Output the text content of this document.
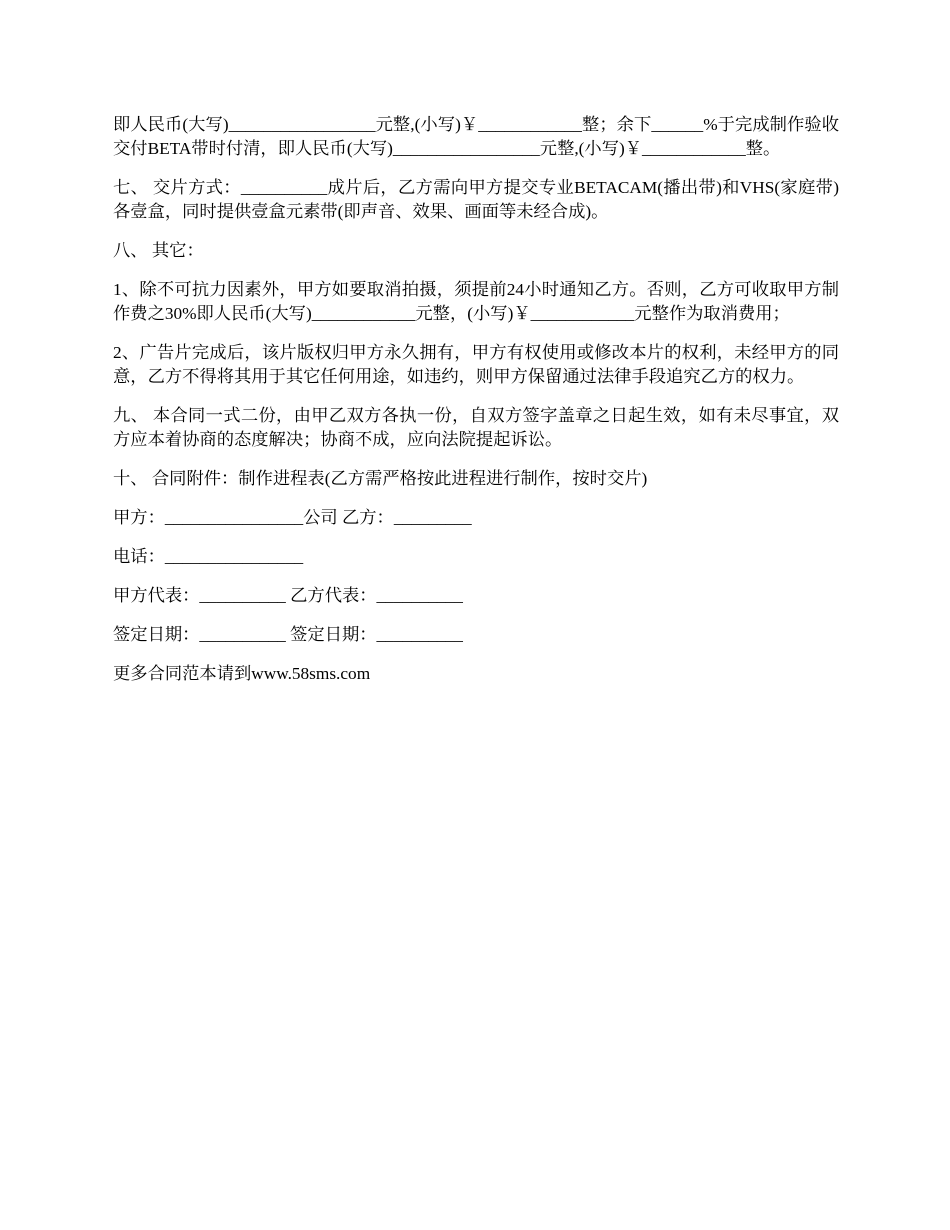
即人民币(大写)_________________元整,(小写)￥____________整；余下______%于完成制作验收交付BETA带时付清，即人民币(大写)_________________元整,(小写)￥____________整。

七、 交片方式：__________成片后，乙方需向甲方提交专业BETACAM(播出带)和VHS(家庭带)各壹盒，同时提供壹盒元素带(即声音、效果、画面等未经合成)。

八、 其它：

1、除不可抗力因素外，甲方如要取消拍摄，须提前24小时通知乙方。否则，乙方可收取甲方制作费之30%即人民币(大写)____________元整，(小写)￥____________元整作为取消费用；

2、广告片完成后，该片版权归甲方永久拥有，甲方有权使用或修改本片的权利，未经甲方的同意，乙方不得将其用于其它任何用途，如违约，则甲方保留通过法律手段追究乙方的权力。

九、 本合同一式二份，由甲乙双方各执一份，自双方签字盖章之日起生效，如有未尽事宜，双方应本着协商的态度解决；协商不成，应向法院提起诉讼。

十、 合同附件：制作进程表(乙方需严格按此进程进行制作，按时交片)

甲方：________________公司 乙方：_________

电话：________________

甲方代表：__________ 乙方代表：__________

签定日期：__________ 签定日期：__________

更多合同范本请到www.58sms.com
